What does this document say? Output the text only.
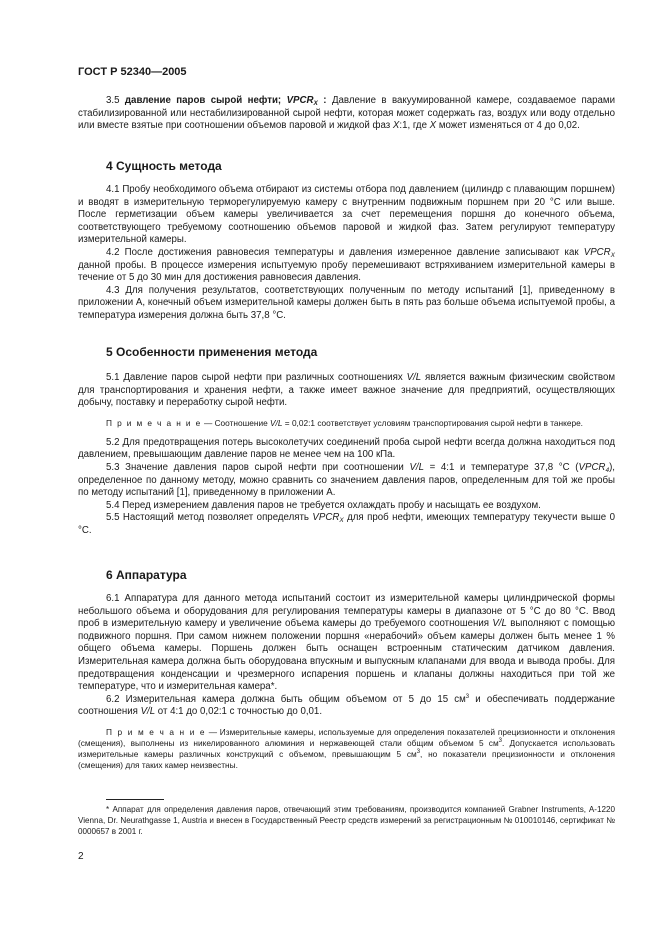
ГОСТ Р 52340—2005

3.5 давление паров сырой нефти; $VPCR_X$ : Давление в вакуумированной камере, создаваемое парами стабилизированной или нестабилизированной сырой нефти, которая может содержать газ, воздух или воду отдельно или вместе взятые при соотношении объемов паровой и жидкой фаз X:1, где X может изменяться от 4 до 0,02.

4 Сущность метода

4.1 Пробу необходимого объема отбирают из системы отбора под давлением (цилиндр с плавающим поршнем) и вводят в измерительную терморегулируемую камеру с внутренним подвижным поршнем при 20 °С или выше. После герметизации объем камеры увеличивается за счет перемещения поршня до конечного объема, соответствующего требуемому соотношению объемов паровой и жидкой фаз. Затем регулируют температуру измерительной камеры.

4.2 После достижения равновесия температуры и давления измеренное давление записывают как $VPCR_X$ данной пробы. В процессе измерения испытуемую пробу перемешивают встряхиванием измерительной камеры в течение от 5 до 30 мин для достижения равновесия давления.

4.3 Для получения результатов, соответствующих полученным по методу испытаний [1], приведенному в приложении А, конечный объем измерительной камеры должен быть в пять раз больше объема испытуемой пробы, а температура измерения должна быть 37,8 °С.

5 Особенности применения метода

5.1 Давление паров сырой нефти при различных соотношениях V/L является важным физическим свойством для транспортирования и хранения нефти, а также имеет важное значение для предприятий, осуществляющих добычу, поставку и переработку сырой нефти.

П р и м е ч а н и е — Соотношение V/L = 0,02:1 соответствует условиям транспортирования сырой нефти в танкере.

5.2 Для предотвращения потерь высоколетучих соединений проба сырой нефти всегда должна находиться под давлением, превышающим давление паров не менее чем на 100 кПа.

5.3 Значение давления паров сырой нефти при соотношении V/L = 4:1 и температуре 37,8 °С $(VPCR_4)$, определенное по данному методу, можно сравнить со значением давления паров, определенным для той же пробы по методу испытаний [1], приведенному в приложении А.

5.4 Перед измерением давления паров не требуется охлаждать пробу и насыщать ее воздухом.

5.5 Настоящий метод позволяет определять $VPCR_X$ для проб нефти, имеющих температуру текучести выше 0 °С.

6 Аппаратура

6.1 Аппаратура для данного метода испытаний состоит из измерительной камеры цилиндрической формы небольшого объема и оборудования для регулирования температуры камеры в диапазоне от 5 °С до 80 °С. Ввод проб в измерительную камеру и увеличение объема камеры до требуемого соотношения V/L выполняют с помощью подвижного поршня. При самом нижнем положении поршня «нерабочий» объем камеры должен быть менее 1 % общего объема камеры. Поршень должен быть оснащен встроенным статическим датчиком давления. Измерительная камера должна быть оборудована впускным и выпускным клапанами для ввода и вывода пробы. Для предотвращения конденсации и чрезмерного испарения поршень и клапаны должны находиться при той же температуре, что и измерительная камера*.

6.2 Измерительная камера должна быть общим объемом от 5 до 15 $см^3$ и обеспечивать поддержание соотношения V/L от 4:1 до 0,02:1 с точностью до 0,01.

П р и м е ч а н и е — Измерительные камеры, используемые для определения показателей прецизионности и отклонения (смещения), выполнены из никелированного алюминия и нержавеющей стали общим объемом 5 $см^3$. Допускается использовать измерительные камеры различных конструкций с объемом, превышающим 5 $см^3$, но показатели прецизионности и отклонения (смещения) для таких камер неизвестны.

* Аппарат для определения давления паров, отвечающий этим требованиям, производится компанией Grabner Instruments, A-1220 Vienna, Dr. Neurathgasse 1, Austria и внесен в Государственный Реестр средств измерений за регистрационным № 010010146, сертификат № 0000657 в 2001 г.

2
